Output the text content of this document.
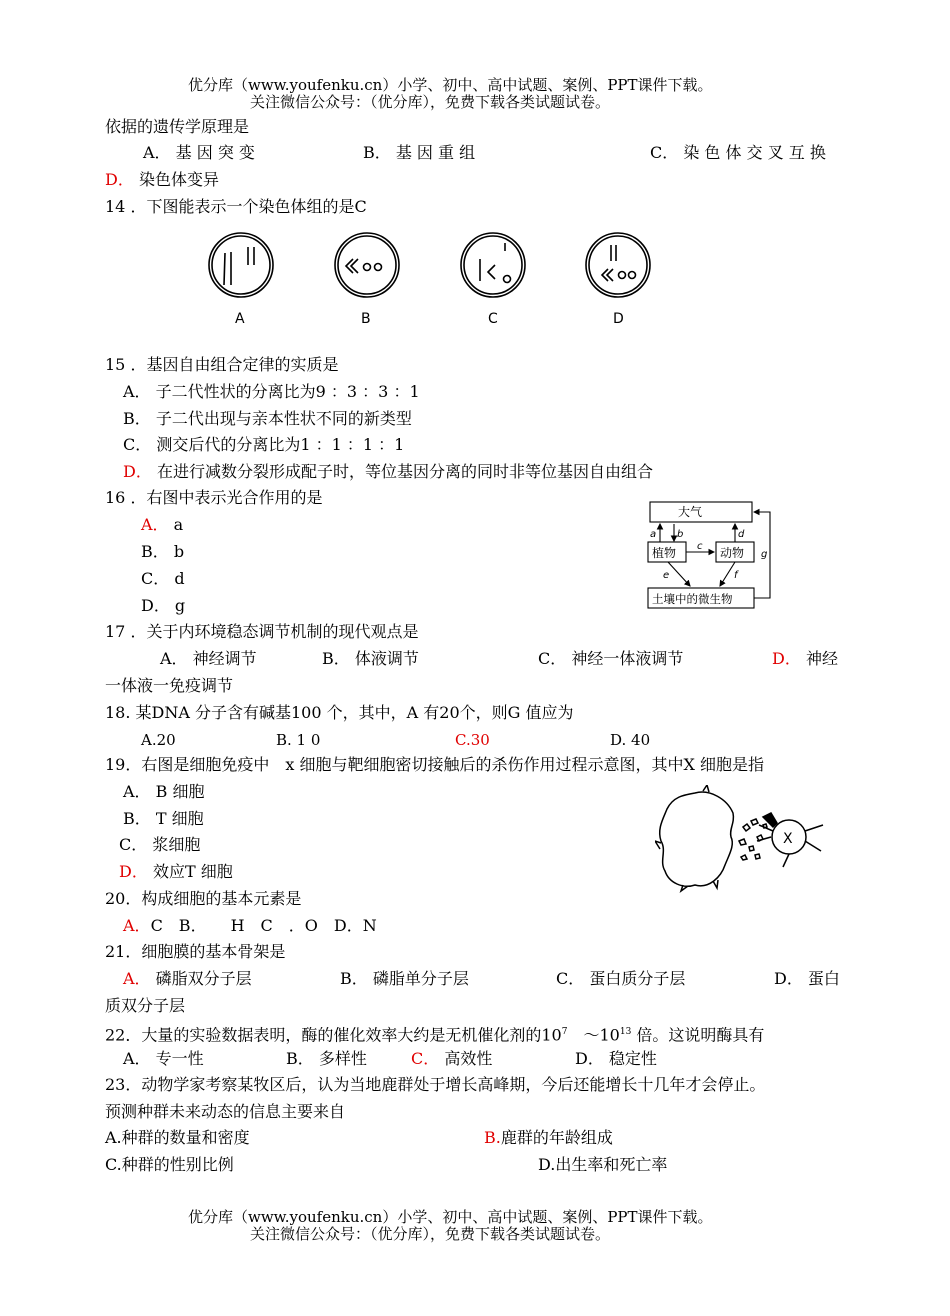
优分库（www.youfenku.cn）小学、初中、高中试题、案例、PPT课件下载。
关注微信公众号：（优分库），免费下载各类试题试卷。
依据的遗传学原理是
A． 基 因 突 变	B． 基 因 重 组	C． 染 色 体 交 叉 互 换
D． 染色体变异
14 ．下图能表示一个染色体组的是C
A	B	C	D
15 ．基因自由组合定律的实质是
A． 子二代性状的分离比为9 ：3 ：3 ：1
B． 子二代出现与亲本性状不同的新类型
C． 测交后代的分离比为1 ：1 ：1 ：1
D． 在进行减数分裂形成配子时，等位基因分离的同时非等位基因自由组合
16 ．右图中表示光合作用的是
A． a
B． b
C． d
D． g
大气
植物	动物
土壤中的微生物
a b
c
d
e	f
g
17 ．关于内环境稳态调节机制的现代观点是
A． 神经调节	B． 体液调节	C． 神经一体液调节	D． 神经
一体液一免疫调节
18. 某DNA 分子含有碱基100 个，其中，A 有20个，则G 值应为
A.20	B. 1 0	C.30	D. 40
19．右图是细胞免疫中　x 细胞与靶细胞密切接触后的杀伤作用过程示意图，其中X 细胞是指
A． B 细胞
B． T 细胞
C． 浆细胞
D． 效应T 细胞
X
20．构成细胞的基本元素是
A．C　B．　　H　C　．O　D．N
21．细胞膜的基本骨架是
A． 磷脂双分子层	B． 磷脂单分子层	C． 蛋白质分子层	D． 蛋白
质双分子层
22．大量的实验数据表明，酶的催化效率大约是无机催化剂的$10^7$　$\sim 10^{13}$ 倍。这说明酶具有
A． 专一性	B． 多样性	C． 高效性	D． 稳定性
23．动物学家考察某牧区后，认为当地鹿群处于增长高峰期，今后还能增长十几年才会停止。
预测种群未来动态的信息主要来自
A.种群的数量和密度	B.鹿群的年龄组成
C.种群的性别比例	D.出生率和死亡率
优分库（www.youfenku.cn）小学、初中、高中试题、案例、PPT课件下载。
关注微信公众号：（优分库），免费下载各类试题试卷。
